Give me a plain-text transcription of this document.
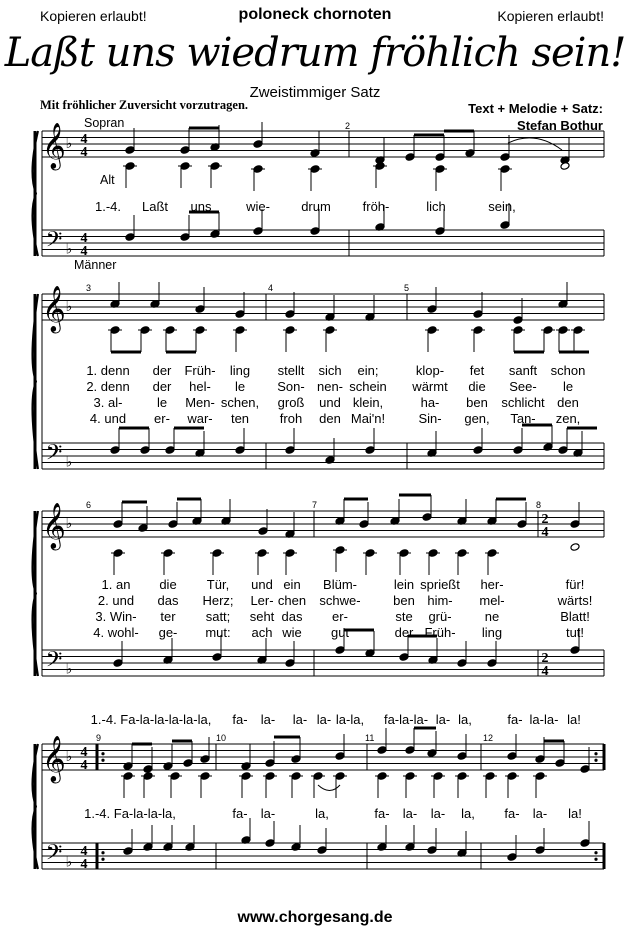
Kopieren erlaubt!	poloneck chornoten	Kopieren erlaubt!
Laßt uns wiedrum fröhlich sein!
Zweistimmiger Satz
Mit fröhlicher Zuversicht vorzutragen.	Text + Melodie + Satz:
Stefan Bothur
Sopran
Alt
Männer
𝄞
𝄢
♭
♭
4
4
4
4
𝄞
𝄢
♭
♭
𝄞
𝄢
♭
♭
2
4
2
4
𝄞
𝄢
♭
♭
4
4
4
4
2
3	4	5
6	7	8
9	10	11	12
1.-4. Laßt uns	wie- drum fröh-	lich	sein,
1. denn der Früh- ling stellt sich ein;	klop- fet sanft schon
2. denn der hel- le Son- nen- schein wärmt die See- le
3. al-	le Men- schen, groß und klein,	ha- ben schlicht den
4. und er- war- ten froh den Mai'n!	Sin- gen, Tan- zen,
1. an die Tür, und ein Blüm-	lein sprießt her-	für!
2. und das Herz; Ler- chen schwe-	ben him- mel-	wärts!
3. Win- ter satt; seht das er-	ste grü-	ne	Blatt!
4. wohl- ge- mut: ach wie gut	der Früh- ling	tut!
1.-4. Fa-la-la-la-la-la, fa- la- la- la- la-la, fa-la-la- la- la,	fa- la-la- la!
1.-4. Fa-la-la-la,	fa- la-	la,	fa- la- la- la, fa- la- la!
www.chorgesang.de
